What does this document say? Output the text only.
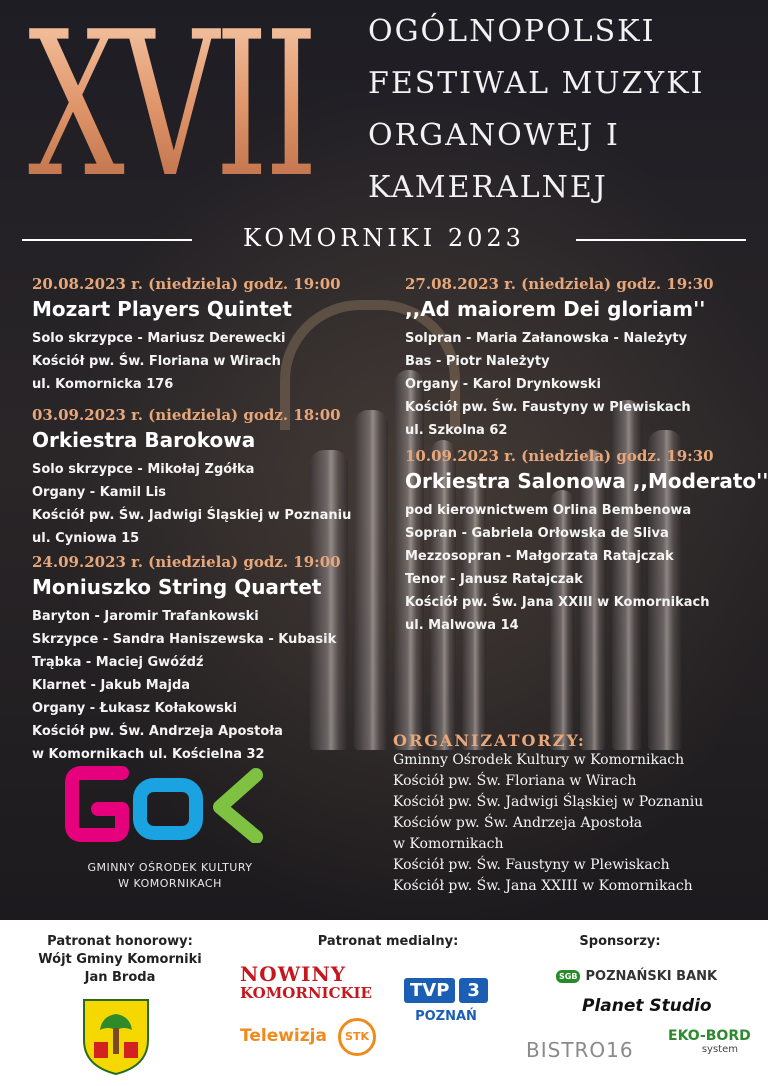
XVII OGÓLNOPOLSKI
FESTIWAL MUZYKI
ORGANOWEJ I
KAMERALNEJ
KOMORNIKI 2023
20.08.2023 r. (niedziela) godz. 19:00
Mozart Players Quintet
Solo skrzypce - Mariusz Derewecki
Kościół pw. Św. Floriana w Wirach
ul. Komornicka 176
03.09.2023 r. (niedziela) godz. 18:00
Orkiestra Barokowa
Solo skrzypce - Mikołaj Zgółka
Organy - Kamil Lis
Kościół pw. Św. Jadwigi Śląskiej w Poznaniu
ul. Cyniowa 15
24.09.2023 r. (niedziela) godz. 19:00
Moniuszko String Quartet
Baryton - Jaromir Trafankowski
Skrzypce - Sandra Haniszewska - Kubasik
Trąbka - Maciej Gwóźdź
Klarnet - Jakub Majda
Organy - Łukasz Kołakowski
Kościół pw. Św. Andrzeja Apostoła
w Komornikach ul. Kościelna 32
27.08.2023 r. (niedziela) godz. 19:30
,,Ad maiorem Dei gloriam''
Solpran - Maria Załanowska - Należyty
Bas - Piotr Należyty
Organy - Karol Drynkowski
Kościół pw. Św. Faustyny w Plewiskach
ul. Szkolna 62
10.09.2023 r. (niedziela) godz. 19:30
Orkiestra Salonowa ,,Moderato''
pod kierownictwem Orlina Bembenowa
Sopran - Gabriela Orłowska de Sliva
Mezzosopran - Małgorzata Ratajczak
Tenor - Janusz Ratajczak
Kościół pw. Św. Jana XXIII w Komornikach
ul. Malwowa 14
ORGANIZATORZY:
Gminny Ośrodek Kultury w Komornikach
Kościół pw. Św. Floriana w Wirach
Kościół pw. Św. Jadwigi Śląskiej w Poznaniu
Kościów pw. Św. Andrzeja Apostoła
w Komornikach
Kościół pw. Św. Faustyny w Plewiskach
Kościół pw. Św. Jana XXIII w Komornikach
GMINNY OŚRODEK KULTURY
W KOMORNIKACH
Patronat honorowy:
Wójt Gminy Komorniki
Jan Broda
Patronat medialny:
NOWINY
KOMORNICKIE
Telewizja	STK
TVP	3
POZNAŃ
Sponsorzy:
SGB POZNAŃSKI BANK
Planet Studio
BISTRO16
EKO-BORD
system
